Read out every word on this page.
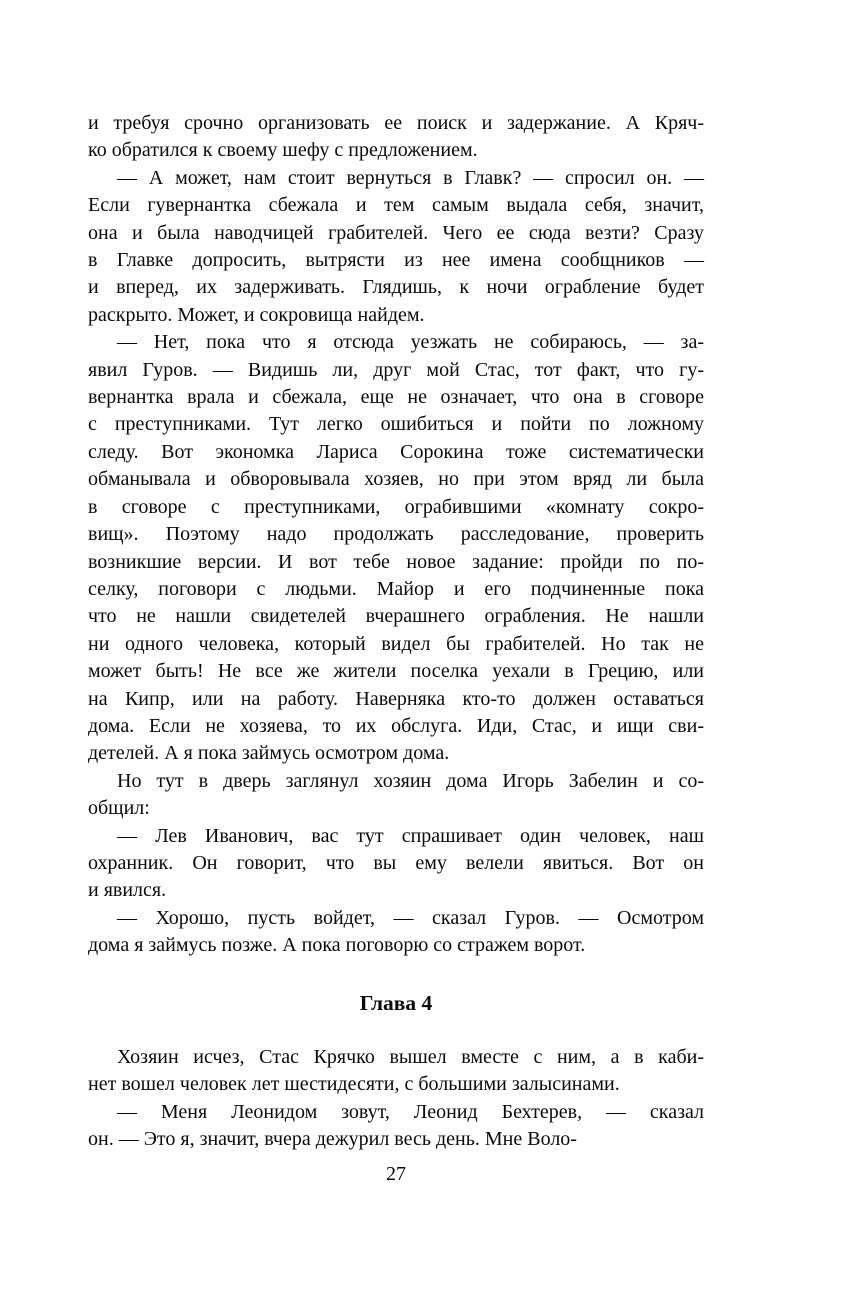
и требуя срочно организовать ее поиск и задержание. А Кряч-
ко обратился к своему шефу с предложением.
— А может, нам стоит вернуться в Главк? — спросил он. —
Если гувернантка сбежала и тем самым выдала себя, значит,
она и была наводчицей грабителей. Чего ее сюда везти? Сразу
в Главке допросить, вытрясти из нее имена сообщников —
и вперед, их задерживать. Глядишь, к ночи ограбление будет
раскрыто. Может, и сокровища найдем.
— Нет, пока что я отсюда уезжать не собираюсь, — за-
явил Гуров. — Видишь ли, друг мой Стас, тот факт, что гу-
вернантка врала и сбежала, еще не означает, что она в сговоре
с преступниками. Тут легко ошибиться и пойти по ложному
следу. Вот экономка Лариса Сорокина тоже систематически
обманывала и обворовывала хозяев, но при этом вряд ли была
в сговоре с преступниками, ограбившими «комнату сокро-
вищ». Поэтому надо продолжать расследование, проверить
возникшие версии. И вот тебе новое задание: пройди по по-
селку, поговори с людьми. Майор и его подчиненные пока
что не нашли свидетелей вчерашнего ограбления. Не нашли
ни одного человека, который видел бы грабителей. Но так не
может быть! Не все же жители поселка уехали в Грецию, или
на Кипр, или на работу. Наверняка кто-то должен оставаться
дома. Если не хозяева, то их обслуга. Иди, Стас, и ищи сви-
детелей. А я пока займусь осмотром дома.
Но тут в дверь заглянул хозяин дома Игорь Забелин и со-
общил:
— Лев Иванович, вас тут спрашивает один человек, наш
охранник. Он говорит, что вы ему велели явиться. Вот он
и явился.
— Хорошо, пусть войдет, — сказал Гуров. — Осмотром
дома я займусь позже. А пока поговорю со стражем ворот.
Глава 4
Хозяин исчез, Стас Крячко вышел вместе с ним, а в каби-
нет вошел человек лет шестидесяти, с большими залысинами.
— Меня Леонидом зовут, Леонид Бехтерев, — сказал
он. — Это я, значит, вчера дежурил весь день. Мне Воло-
27
